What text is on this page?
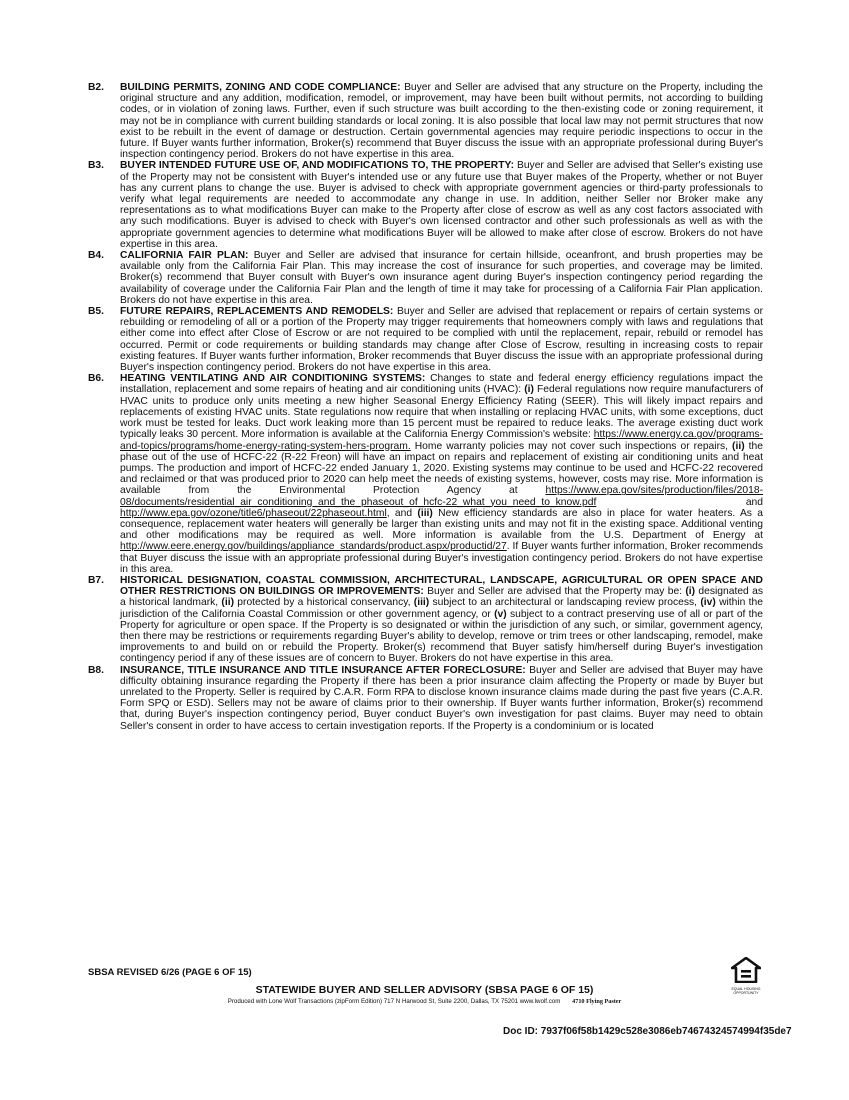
B2. BUILDING PERMITS, ZONING AND CODE COMPLIANCE: Buyer and Seller are advised that any structure on the Property, including the original structure and any addition, modification, remodel, or improvement, may have been built without permits, not according to building codes, or in violation of zoning laws. Further, even if such structure was built according to the then-existing code or zoning requirement, it may not be in compliance with current building standards or local zoning. It is also possible that local law may not permit structures that now exist to be rebuilt in the event of damage or destruction. Certain governmental agencies may require periodic inspections to occur in the future. If Buyer wants further information, Broker(s) recommend that Buyer discuss the issue with an appropriate professional during Buyer's inspection contingency period. Brokers do not have expertise in this area.

B3. BUYER INTENDED FUTURE USE OF, AND MODIFICATIONS TO, THE PROPERTY: Buyer and Seller are advised that Seller's existing use of the Property may not be consistent with Buyer's intended use or any future use that Buyer makes of the Property, whether or not Buyer has any current plans to change the use. Buyer is advised to check with appropriate government agencies or third-party professionals to verify what legal requirements are needed to accommodate any change in use. In addition, neither Seller nor Broker make any representations as to what modifications Buyer can make to the Property after close of escrow as well as any cost factors associated with any such modifications. Buyer is advised to check with Buyer's own licensed contractor and other such professionals as well as with the appropriate government agencies to determine what modifications Buyer will be allowed to make after close of escrow. Brokers do not have expertise in this area.

B4. CALIFORNIA FAIR PLAN: Buyer and Seller are advised that insurance for certain hillside, oceanfront, and brush properties may be available only from the California Fair Plan. This may increase the cost of insurance for such properties, and coverage may be limited. Broker(s) recommend that Buyer consult with Buyer's own insurance agent during Buyer's inspection contingency period regarding the availability of coverage under the California Fair Plan and the length of time it may take for processing of a California Fair Plan application. Brokers do not have expertise in this area.

B5. FUTURE REPAIRS, REPLACEMENTS AND REMODELS: Buyer and Seller are advised that replacement or repairs of certain systems or rebuilding or remodeling of all or a portion of the Property may trigger requirements that homeowners comply with laws and regulations that either come into effect after Close of Escrow or are not required to be complied with until the replacement, repair, rebuild or remodel has occurred. Permit or code requirements or building standards may change after Close of Escrow, resulting in increasing costs to repair existing features. If Buyer wants further information, Broker recommends that Buyer discuss the issue with an appropriate professional during Buyer's inspection contingency period. Brokers do not have expertise in this area.

B6. HEATING VENTILATING AND AIR CONDITIONING SYSTEMS: Changes to state and federal energy efficiency regulations impact the installation, replacement and some repairs of heating and air conditioning units (HVAC): (i) Federal regulations now require manufacturers of HVAC units to produce only units meeting a new higher Seasonal Energy Efficiency Rating (SEER). This will likely impact repairs and replacements of existing HVAC units. State regulations now require that when installing or replacing HVAC units, with some exceptions, duct work must be tested for leaks. Duct work leaking more than 15 percent must be repaired to reduce leaks. The average existing duct work typically leaks 30 percent. More information is available at the California Energy Commission's website: https://www.energy.ca.gov/programs-and-topics/programs/home-energy-rating-system-hers-program. Home warranty policies may not cover such inspections or repairs, (ii) the phase out of the use of HCFC-22 (R-22 Freon) will have an impact on repairs and replacement of existing air conditioning units and heat pumps. The production and import of HCFC-22 ended January 1, 2020. Existing systems may continue to be used and HCFC-22 recovered and reclaimed or that was produced prior to 2020 can help meet the needs of existing systems, however, costs may rise. More information is available from the Environmental Protection Agency at https://www.epa.gov/sites/production/files/2018-08/documents/residential_air_conditioning_and_the_phaseout_of_hcfc-22_what_you_need_to_know.pdf and http://www.epa.gov/ozone/title6/phaseout/22phaseout.html, and (iii) New efficiency standards are also in place for water heaters. As a consequence, replacement water heaters will generally be larger than existing units and may not fit in the existing space. Additional venting and other modifications may be required as well. More information is available from the U.S. Department of Energy at http://www.eere.energy.gov/buildings/appliance_standards/product.aspx/productid/27. If Buyer wants further information, Broker recommends that Buyer discuss the issue with an appropriate professional during Buyer's investigation contingency period. Brokers do not have expertise in this area.

B7. HISTORICAL DESIGNATION, COASTAL COMMISSION, ARCHITECTURAL, LANDSCAPE, AGRICULTURAL OR OPEN SPACE AND OTHER RESTRICTIONS ON BUILDINGS OR IMPROVEMENTS: Buyer and Seller are advised that the Property may be: (i) designated as a historical landmark, (ii) protected by a historical conservancy, (iii) subject to an architectural or landscaping review process, (iv) within the jurisdiction of the California Coastal Commission or other government agency, or (v) subject to a contract preserving use of all or part of the Property for agriculture or open space. If the Property is so designated or within the jurisdiction of any such, or similar, government agency, then there may be restrictions or requirements regarding Buyer's ability to develop, remove or trim trees or other landscaping, remodel, make improvements to and build on or rebuild the Property. Broker(s) recommend that Buyer satisfy him/herself during Buyer's investigation contingency period if any of these issues are of concern to Buyer. Brokers do not have expertise in this area.

B8. INSURANCE, TITLE INSURANCE AND TITLE INSURANCE AFTER FORECLOSURE: Buyer and Seller are advised that Buyer may have difficulty obtaining insurance regarding the Property if there has been a prior insurance claim affecting the Property or made by Buyer but unrelated to the Property. Seller is required by C.A.R. Form RPA to disclose known insurance claims made during the past five years (C.A.R. Form SPQ or ESD). Sellers may not be aware of claims prior to their ownership. If Buyer wants further information, Broker(s) recommend that, during Buyer's inspection contingency period, Buyer conduct Buyer's own investigation for past claims. Buyer may need to obtain Seller's consent in order to have access to certain investigation reports. If the Property is a condominium or is located

SBSA REVISED 6/26 (PAGE 6 OF 15)
EQUAL HOUSING OPPORTUNITY
STATEWIDE BUYER AND SELLER ADVISORY (SBSA PAGE 6 OF 15)
Produced with Lone Wolf Transactions (zipForm Edition) 717 N Harwood St, Suite 2200, Dallas, TX 75201 www.lwolf.com 4710 Flying Paster
Doc ID: 7937f06f58b1429c528e3086eb74674324574994f35de7
